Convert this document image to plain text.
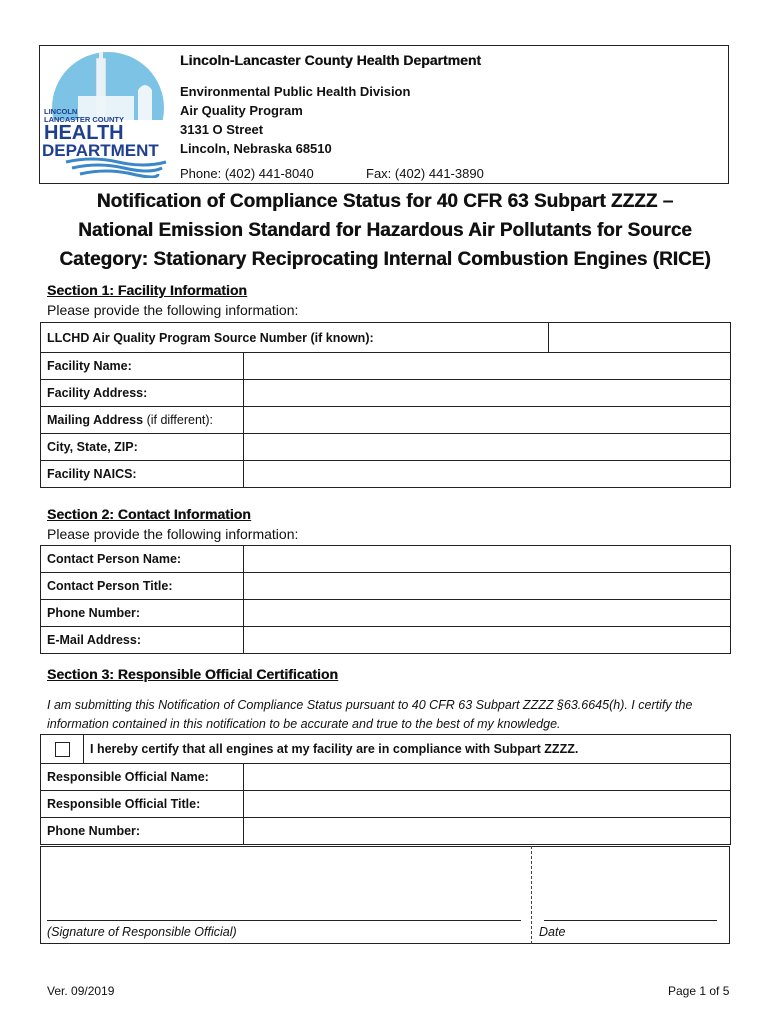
LINCOLN
LANCASTER COUNTY
HEALTH
DEPARTMENT
Lincoln-Lancaster County Health Department
Environmental Public Health Division
Air Quality Program
3131 O Street
Lincoln, Nebraska 68510
Phone: (402) 441-8040	Fax: (402) 441-3890
Notification of Compliance Status for 40 CFR 63 Subpart ZZZZ –
National Emission Standard for Hazardous Air Pollutants for Source
Category: Stationary Reciprocating Internal Combustion Engines (RICE)
Section 1: Facility Information
Please provide the following information:
LLCHD Air Quality Program Source Number (if known):	
Facility Name:	
Facility Address:	
Mailing Address (if different):	
City, State, ZIP:	
Facility NAICS:	
Section 2: Contact Information
Please provide the following information:
Contact Person Name:	
Contact Person Title:	
Phone Number:	
E-Mail Address:	
Section 3: Responsible Official Certification
I am submitting this Notification of Compliance Status pursuant to 40 CFR 63 Subpart ZZZZ §63.6645(h). I certify the information contained in this notification to be accurate and true to the best of my knowledge.
	I hereby certify that all engines at my facility are in compliance with Subpart ZZZZ.
Responsible Official Name:	
Responsible Official Title:	
Phone Number:	
(Signature of Responsible Official)	Date
Ver. 09/2019	Page 1 of 5
